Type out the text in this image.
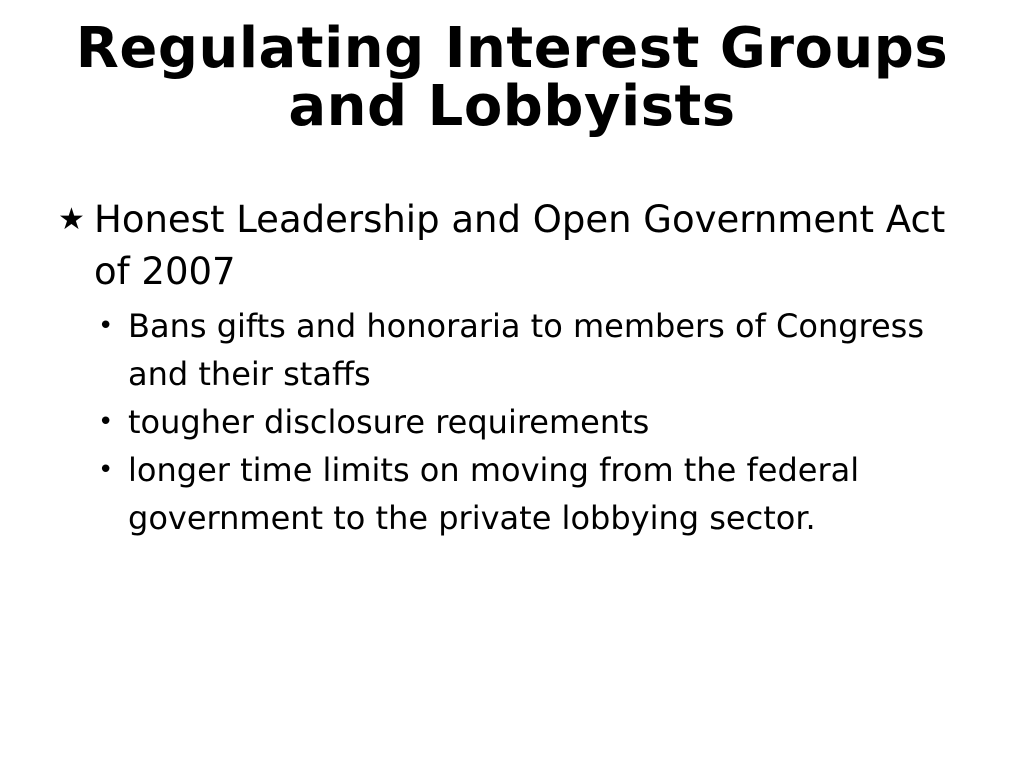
Regulating Interest Groups
and Lobbyists
★ Honest Leadership and Open Government Act of 2007
• Bans gifts and honoraria to members of Congress and their staffs
• tougher disclosure requirements
• longer time limits on moving from the federal government to the private lobbying sector.
